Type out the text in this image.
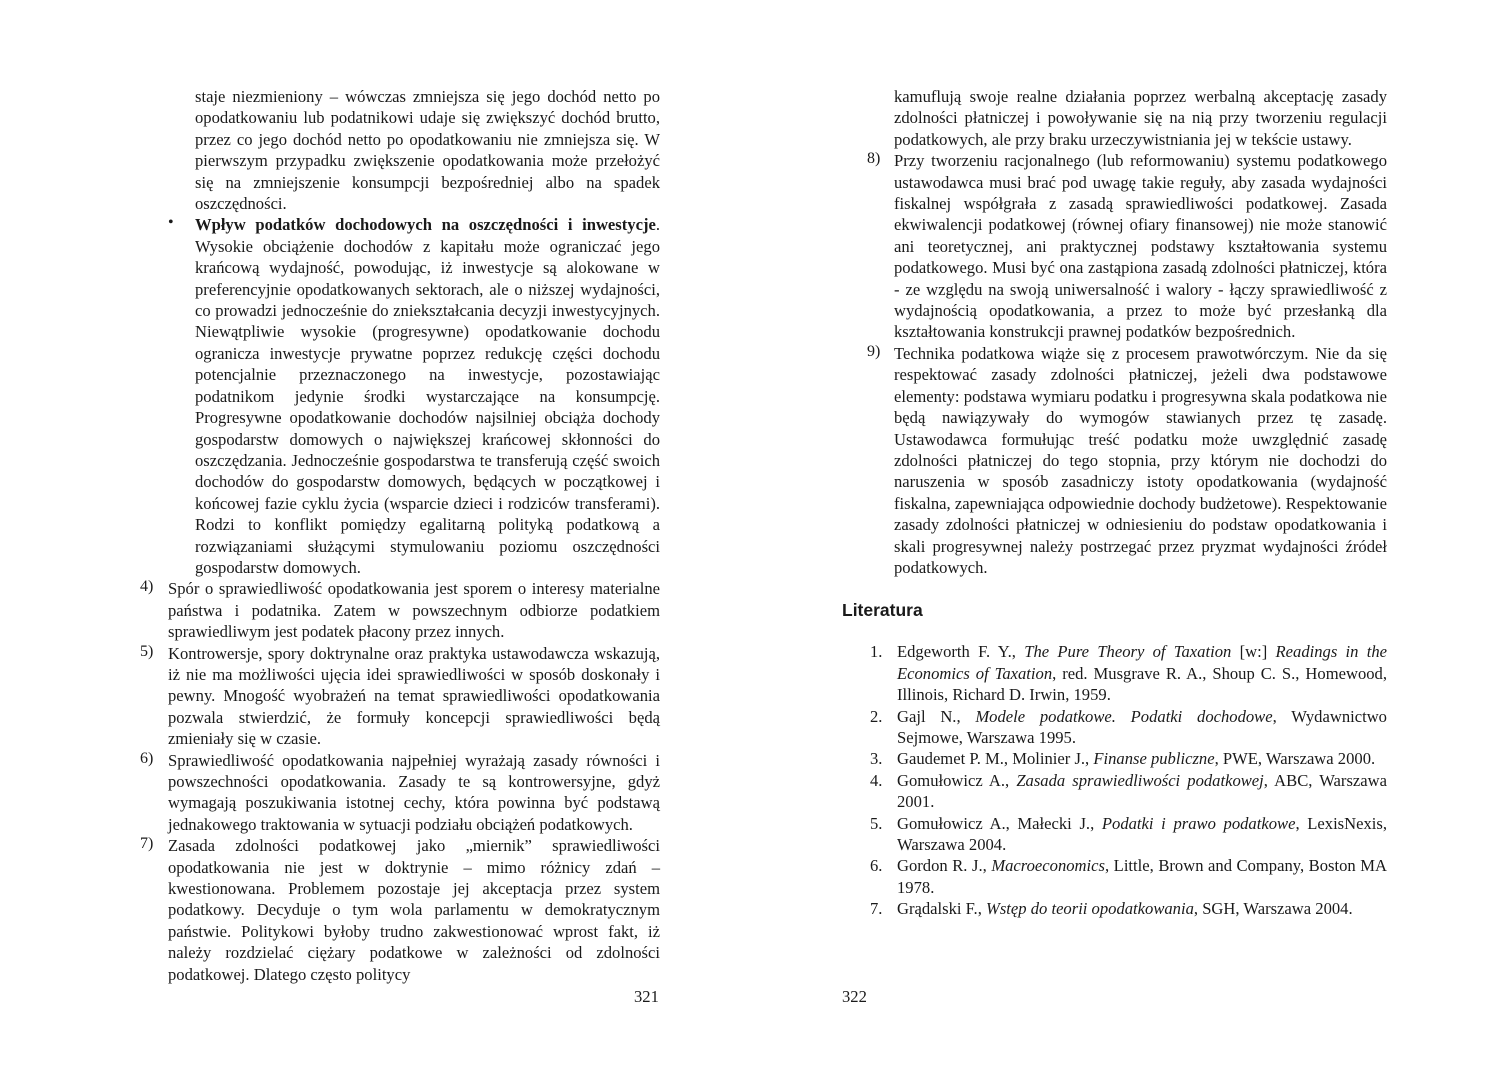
staje niezmieniony – wówczas zmniejsza się jego dochód netto po opodatkowaniu lub podatnikowi udaje się zwiększyć dochód brutto, przez co jego dochód netto po opodatkowaniu nie zmniejsza się. W pierwszym przypadku zwiększenie opodatkowania może przełożyć się na zmniejszenie konsumpcji bezpośredniej albo na spadek oszczędności.

• Wpływ podatków dochodowych na oszczędności i inwestycje. Wysokie obciążenie dochodów z kapitału może ograniczać jego krańcową wydajność, powodując, iż inwestycje są alokowane w preferencyjnie opodatkowanych sektorach, ale o niższej wydajności, co prowadzi jednocześnie do zniekształcania decyzji inwestycyjnych. Niewątpliwie wysokie (progresywne) opodatkowanie dochodu ogranicza inwestycje prywatne poprzez redukcję części dochodu potencjalnie przeznaczonego na inwestycje, pozostawiając podatnikom jedynie środki wystarczające na konsumpcję. Progresywne opodatkowanie dochodów najsilniej obciąża dochody gospodarstw domowych o największej krańcowej skłonności do oszczędzania. Jednocześnie gospodarstwa te transferują część swoich dochodów do gospodarstw domowych, będących w początkowej i końcowej fazie cyklu życia (wsparcie dzieci i rodziców transferami). Rodzi to konflikt pomiędzy egalitarną polityką podatkową a rozwiązaniami służącymi stymulowaniu poziomu oszczędności gospodarstw domowych.

4) Spór o sprawiedliwość opodatkowania jest sporem o interesy materialne państwa i podatnika. Zatem w powszechnym odbiorze podatkiem sprawiedliwym jest podatek płacony przez innych.

5) Kontrowersje, spory doktrynalne oraz praktyka ustawodawcza wskazują, iż nie ma możliwości ujęcia idei sprawiedliwości w sposób doskonały i pewny. Mnogość wyobrażeń na temat sprawiedliwości opodatkowania pozwala stwierdzić, że formuły koncepcji sprawiedliwości będą zmieniały się w czasie.

6) Sprawiedliwość opodatkowania najpełniej wyrażają zasady równości i powszechności opodatkowania. Zasady te są kontrowersyjne, gdyż wymagają poszukiwania istotnej cechy, która powinna być podstawą jednakowego traktowania w sytuacji podziału obciążeń podatkowych.

7) Zasada zdolności podatkowej jako „miernik” sprawiedliwości opodatkowania nie jest w doktrynie – mimo różnicy zdań – kwestionowana. Problemem pozostaje jej akceptacja przez system podatkowy. Decyduje o tym wola parlamentu w demokratycznym państwie. Politykowi byłoby trudno zakwestionować wprost fakt, iż należy rozdzielać ciężary podatkowe w zależności od zdolności podatkowej. Dlatego często politycy

321

kamuflują swoje realne działania poprzez werbalną akceptację zasady zdolności płatniczej i powoływanie się na nią przy tworzeniu regulacji podatkowych, ale przy braku urzeczywistniania jej w tekście ustawy.

8) Przy tworzeniu racjonalnego (lub reformowaniu) systemu podatkowego ustawodawca musi brać pod uwagę takie reguły, aby zasada wydajności fiskalnej współgrała z zasadą sprawiedliwości podatkowej. Zasada ekwiwalencji podatkowej (równej ofiary finansowej) nie może stanowić ani teoretycznej, ani praktycznej podstawy kształtowania systemu podatkowego. Musi być ona zastąpiona zasadą zdolności płatniczej, która - ze względu na swoją uniwersalność i walory - łączy sprawiedliwość z wydajnością opodatkowania, a przez to może być przesłanką dla kształtowania konstrukcji prawnej podatków bezpośrednich.

9) Technika podatkowa wiąże się z procesem prawotwórczym. Nie da się respektować zasady zdolności płatniczej, jeżeli dwa podstawowe elementy: podstawa wymiaru podatku i progresywna skala podatkowa nie będą nawiązywały do wymogów stawianych przez tę zasadę. Ustawodawca formułując treść podatku może uwzględnić zasadę zdolności płatniczej do tego stopnia, przy którym nie dochodzi do naruszenia w sposób zasadniczy istoty opodatkowania (wydajność fiskalna, zapewniająca odpowiednie dochody budżetowe). Respektowanie zasady zdolności płatniczej w odniesieniu do podstaw opodatkowania i skali progresywnej należy postrzegać przez pryzmat wydajności źródeł podatkowych.

Literatura
1. Edgeworth F. Y., The Pure Theory of Taxation [w:] Readings in the Economics of Taxation, red. Musgrave R. A., Shoup C. S., Homewood, Illinois, Richard D. Irwin, 1959.
2. Gajl N., Modele podatkowe. Podatki dochodowe, Wydawnictwo Sejmowe, Warszawa 1995.
3. Gaudemet P. M., Molinier J., Finanse publiczne, PWE, Warszawa 2000.
4. Gomułowicz A., Zasada sprawiedliwości podatkowej, ABC, Warszawa 2001.
5. Gomułowicz A., Małecki J., Podatki i prawo podatkowe, LexisNexis, Warszawa 2004.
6. Gordon R. J., Macroeconomics, Little, Brown and Company, Boston MA 1978.
7. Grądalski F., Wstęp do teorii opodatkowania, SGH, Warszawa 2004.
322
